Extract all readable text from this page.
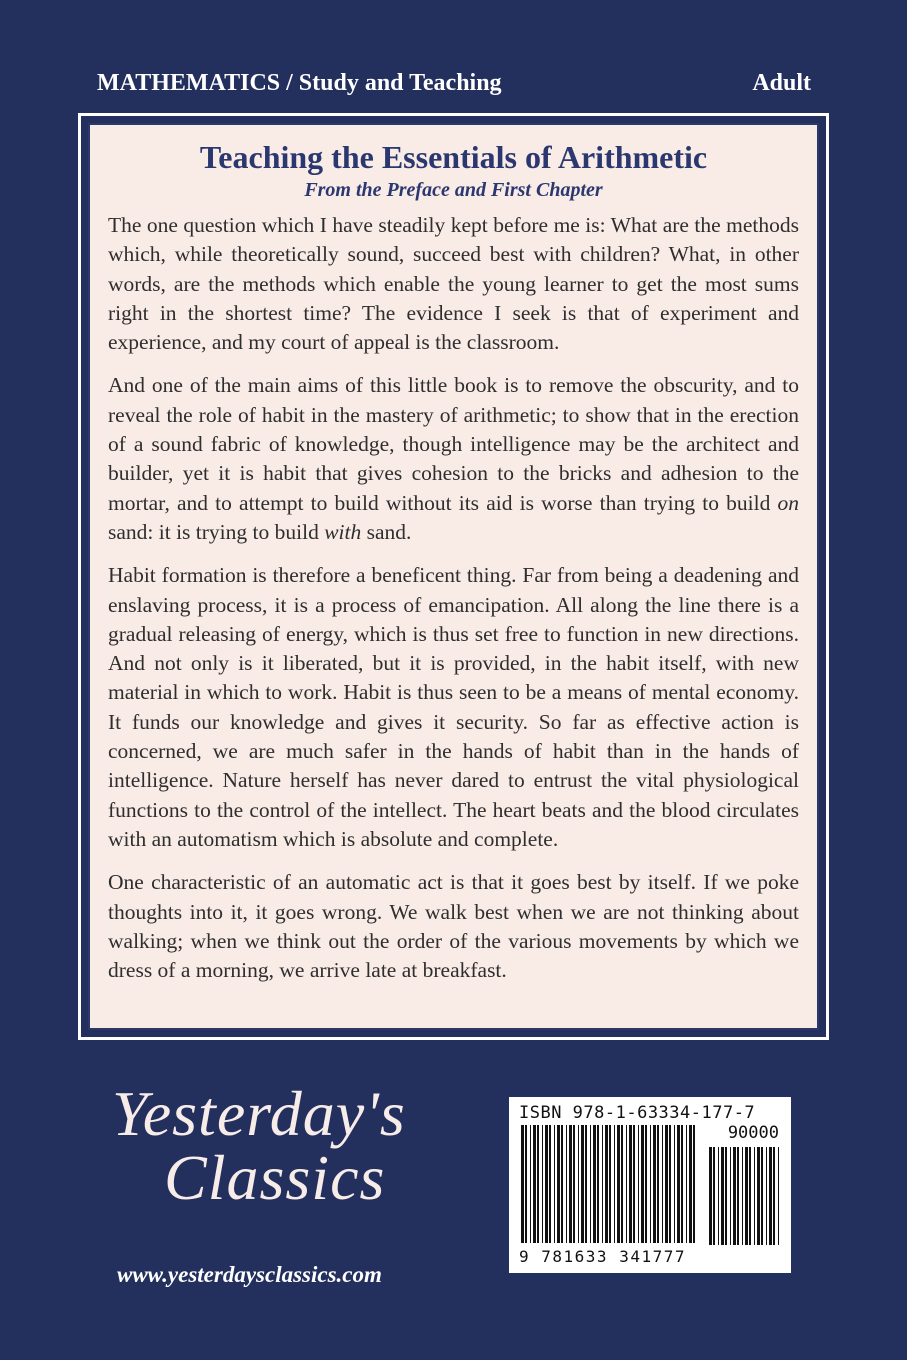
MATHEMATICS / Study and Teaching	Adult
Teaching the Essentials of Arithmetic

From the Preface and First Chapter

The one question which I have steadily kept before me is: What are the methods which, while theoretically sound, succeed best with children? What, in other words, are the methods which enable the young learner to get the most sums right in the shortest time? The evidence I seek is that of experiment and experience, and my court of appeal is the classroom.

And one of the main aims of this little book is to remove the obscurity, and to reveal the role of habit in the mastery of arithmetic; to show that in the erection of a sound fabric of knowledge, though intelligence may be the architect and builder, yet it is habit that gives cohesion to the bricks and adhesion to the mortar, and to attempt to build without its aid is worse than trying to build on sand: it is trying to build with sand.

Habit formation is therefore a beneficent thing. Far from being a deadening and enslaving process, it is a process of emancipation. All along the line there is a gradual releasing of energy, which is thus set free to function in new directions. And not only is it liberated, but it is provided, in the habit itself, with new material in which to work. Habit is thus seen to be a means of mental economy. It funds our knowledge and gives it security. So far as effective action is concerned, we are much safer in the hands of habit than in the hands of intelligence. Nature herself has never dared to entrust the vital physiological functions to the control of the intellect. The heart beats and the blood circulates with an automatism which is absolute and complete.

One characteristic of an automatic act is that it goes best by itself. If we poke thoughts into it, it goes wrong. We walk best when we are not thinking about walking; when we think out the order of the various movements by which we dress of a morning, we arrive late at breakfast.

Yesterday's
Classics
www.yesterdaysclassics.com
ISBN 978-1-63334-177-7
90000
9 781633 341777
